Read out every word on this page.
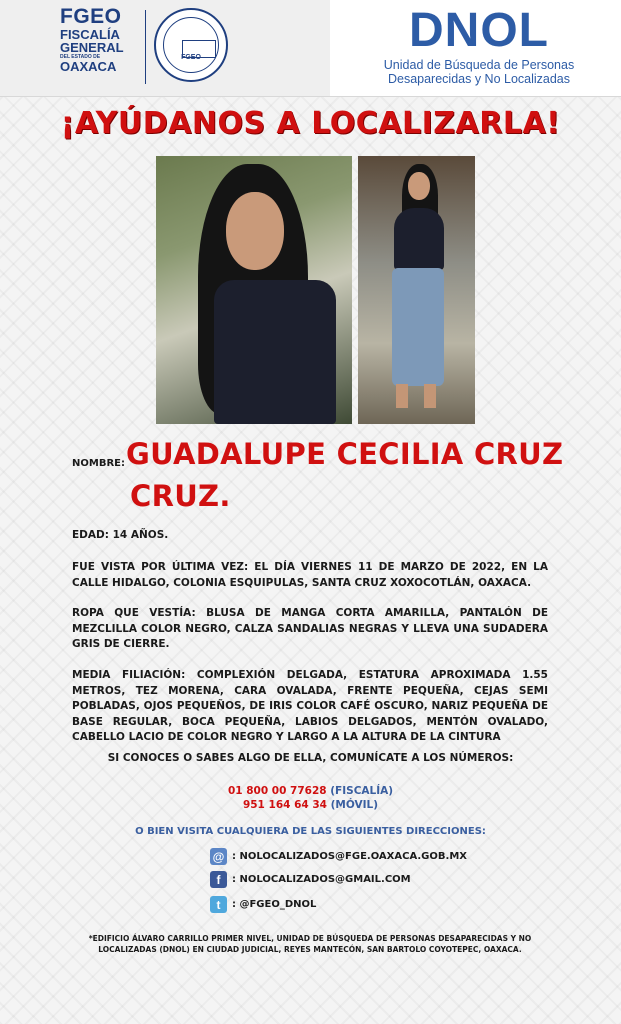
FGEO
FISCALÍA
GENERAL
DEL ESTADO DE
OAXACA
FGEO
DNOL
Unidad de Búsqueda de Personas
Desaparecidas y No Localizadas
¡AYÚDANOS A LOCALIZARLA!
NOMBRE: GUADALUPE CECILIA CRUZ
CRUZ.
EDAD: 14 AÑOS.
FUE VISTA POR ÚLTIMA VEZ: EL DÍA VIERNES 11 DE MARZO DE 2022, EN LA CALLE HIDALGO, COLONIA ESQUIPULAS, SANTA CRUZ XOXOCOTLÁN, OAXACA.
ROPA QUE VESTÍA: BLUSA DE MANGA CORTA AMARILLA, PANTALÓN DE MEZCLILLA COLOR NEGRO, CALZA SANDALIAS NEGRAS Y LLEVA UNA SUDADERA GRIS DE CIERRE.
MEDIA FILIACIÓN: COMPLEXIÓN DELGADA, ESTATURA APROXIMADA 1.55 METROS, TEZ MORENA, CARA OVALADA, FRENTE PEQUEÑA, CEJAS SEMI POBLADAS, OJOS PEQUEÑOS, DE IRIS COLOR CAFÉ OSCURO, NARIZ PEQUEÑA DE BASE REGULAR, BOCA PEQUEÑA, LABIOS DELGADOS, MENTÓN OVALADO, CABELLO LACIO DE COLOR NEGRO Y LARGO A LA ALTURA DE LA CINTURA
SI CONOCES O SABES ALGO DE ELLA, COMUNÍCATE A LOS NÚMEROS:
01 800 00 77628 (FISCALÍA)
951 164 64 34 (MÓVIL)
O BIEN VISITA CUALQUIERA DE LAS SIGUIENTES DIRECCIONES:
@ : NOLOCALIZADOS@FGE.OAXACA.GOB.MX
f	: NOLOCALIZADOS@GMAIL.COM
t	: @FGEO_DNOL
*EDIFICIO ÁLVARO CARRILLO PRIMER NIVEL, UNIDAD DE BÚSQUEDA DE PERSONAS DESAPARECIDAS Y NO LOCALIZADAS (DNOL) EN CIUDAD JUDICIAL, REYES MANTECÓN, SAN BARTOLO COYOTEPEC, OAXACA.
